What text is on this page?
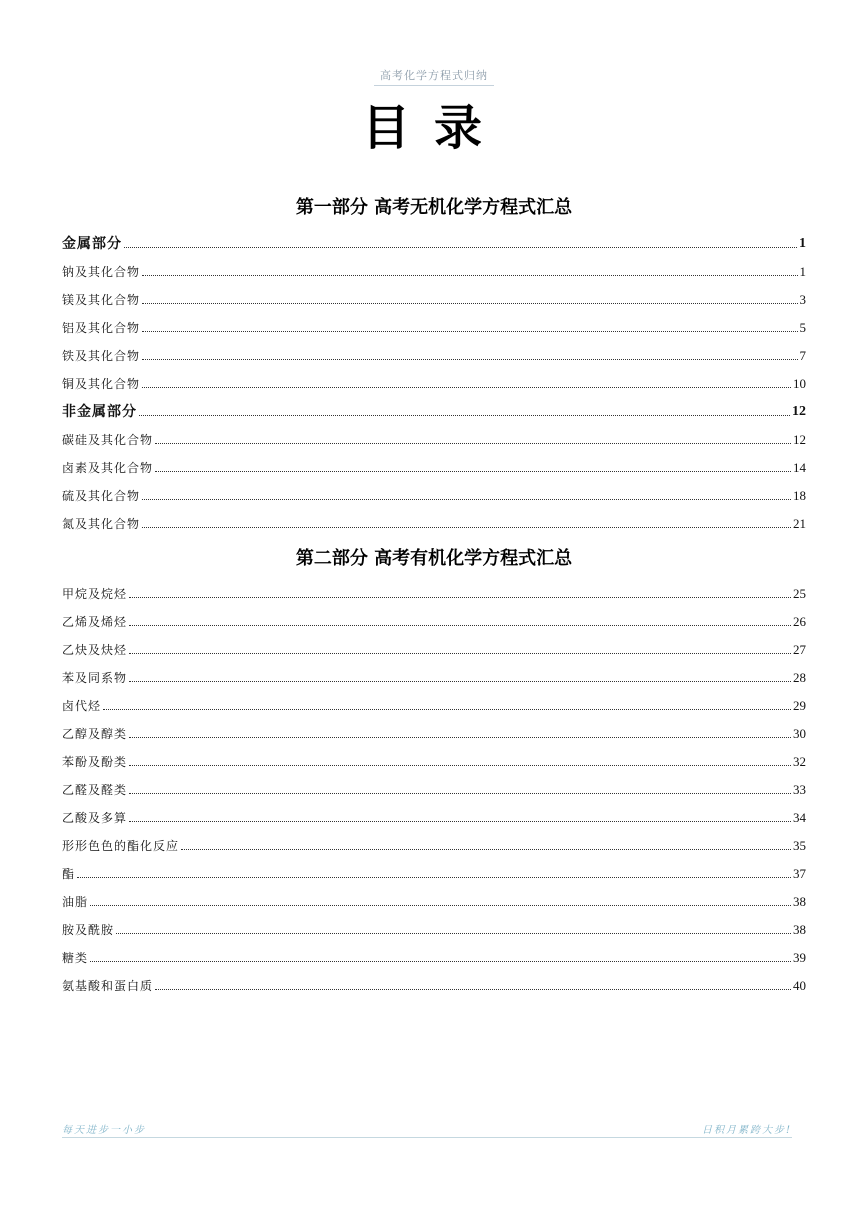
高考化学方程式归纳
目录
第一部分 高考无机化学方程式汇总
金属部分	1
钠及其化合物	1
镁及其化合物	3
铝及其化合物	5
铁及其化合物	7
铜及其化合物	10
非金属部分	12
碳硅及其化合物	12
卤素及其化合物	14
硫及其化合物	18
氮及其化合物	21
第二部分 高考有机化学方程式汇总
甲烷及烷烃	25
乙烯及烯烃	26
乙炔及炔烃	27
苯及同系物	28
卤代烃	29
乙醇及醇类	30
苯酚及酚类	32
乙醛及醛类	33
乙酸及多算	34
形形色色的酯化反应	35
酯	37
油脂	38
胺及酰胺	38
糖类	39
氨基酸和蛋白质	40
每天进步一小步	日积月累跨大步!
